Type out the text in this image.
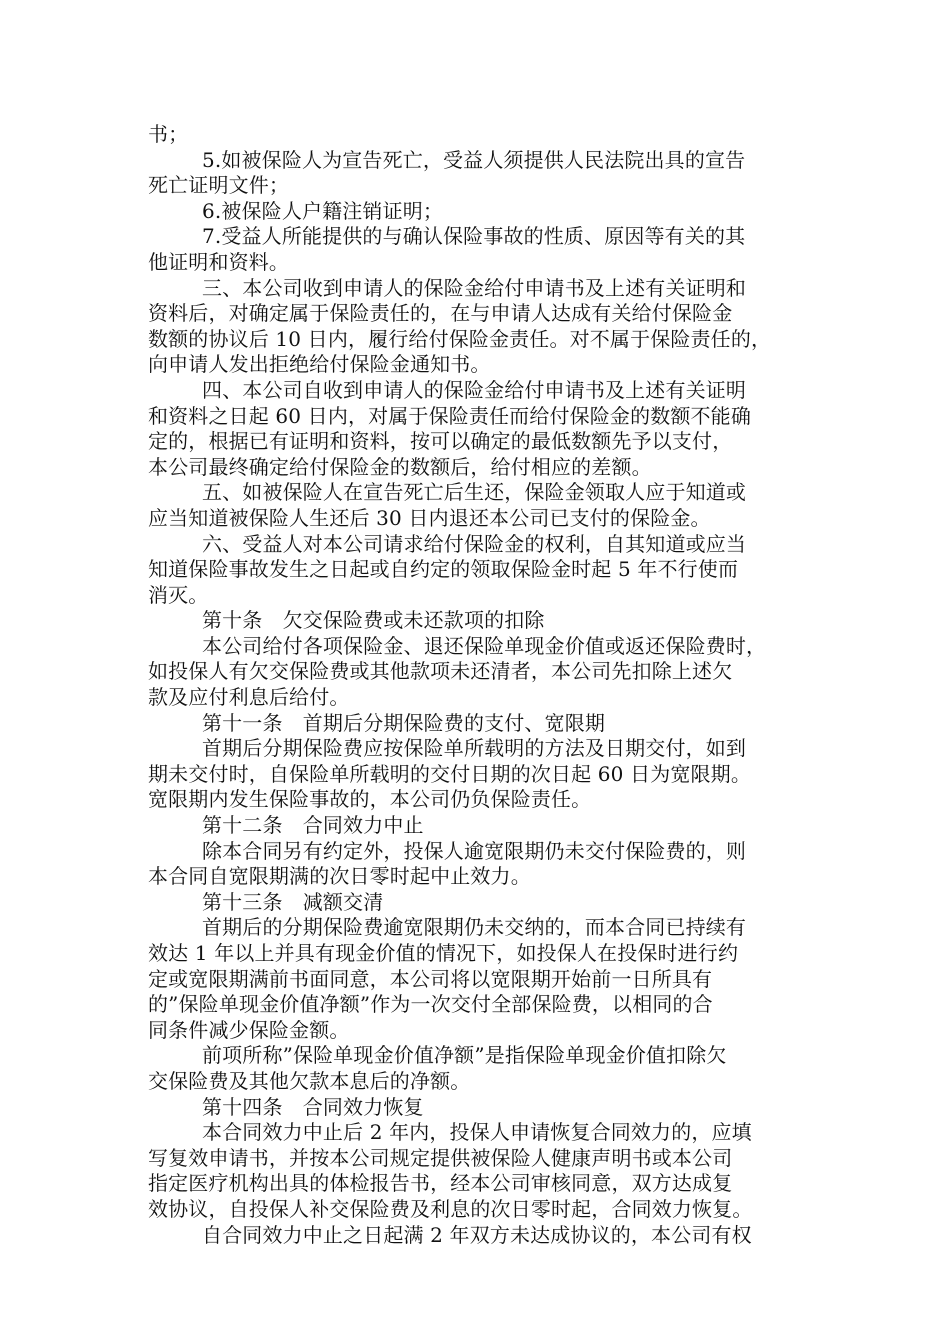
书；
5.如被保险人为宣告死亡，受益人须提供人民法院出具的宣告
死亡证明文件；
6.被保险人户籍注销证明；
7.受益人所能提供的与确认保险事故的性质、原因等有关的其
他证明和资料。
三、本公司收到申请人的保险金给付申请书及上述有关证明和
资料后，对确定属于保险责任的，在与申请人达成有关给付保险金
数额的协议后 10 日内，履行给付保险金责任。对不属于保险责任的，
向申请人发出拒绝给付保险金通知书。
四、本公司自收到申请人的保险金给付申请书及上述有关证明
和资料之日起 60 日内，对属于保险责任而给付保险金的数额不能确
定的，根据已有证明和资料，按可以确定的最低数额先予以支付，
本公司最终确定给付保险金的数额后，给付相应的差额。
五、如被保险人在宣告死亡后生还，保险金领取人应于知道或
应当知道被保险人生还后 30 日内退还本公司已支付的保险金。
六、受益人对本公司请求给付保险金的权利，自其知道或应当
知道保险事故发生之日起或自约定的领取保险金时起 5 年不行使而
消灭。
第十条　欠交保险费或未还款项的扣除
本公司给付各项保险金、退还保险单现金价值或返还保险费时，
如投保人有欠交保险费或其他款项未还清者，本公司先扣除上述欠
款及应付利息后给付。
第十一条　首期后分期保险费的支付、宽限期
首期后分期保险费应按保险单所载明的方法及日期交付，如到
期未交付时，自保险单所载明的交付日期的次日起 60 日为宽限期。
宽限期内发生保险事故的，本公司仍负保险责任。
第十二条　合同效力中止
除本合同另有约定外，投保人逾宽限期仍未交付保险费的，则
本合同自宽限期满的次日零时起中止效力。
第十三条　减额交清
首期后的分期保险费逾宽限期仍未交纳的，而本合同已持续有
效达 1 年以上并具有现金价值的情况下，如投保人在投保时进行约
定或宽限期满前书面同意，本公司将以宽限期开始前一日所具有
的”保险单现金价值净额”作为一次交付全部保险费，以相同的合
同条件减少保险金额。
前项所称”保险单现金价值净额”是指保险单现金价值扣除欠
交保险费及其他欠款本息后的净额。
第十四条　合同效力恢复
本合同效力中止后 2 年内，投保人申请恢复合同效力的，应填
写复效申请书，并按本公司规定提供被保险人健康声明书或本公司
指定医疗机构出具的体检报告书，经本公司审核同意，双方达成复
效协议，自投保人补交保险费及利息的次日零时起，合同效力恢复。
自合同效力中止之日起满 2 年双方未达成协议的，本公司有权
